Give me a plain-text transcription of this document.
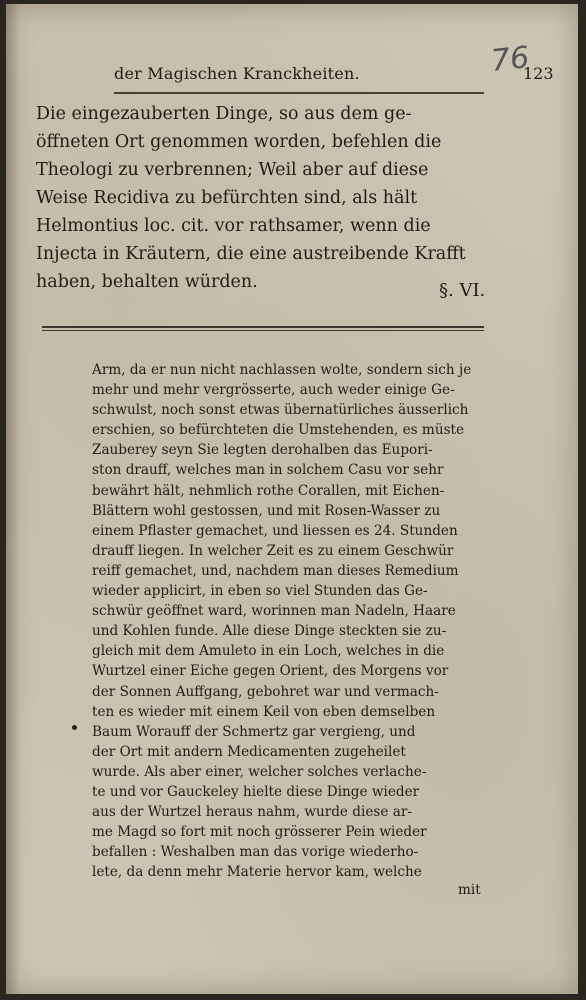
der Magischen Kranckheiten.	123
76
Die eingezauberten Dinge, so aus dem ge-
öffneten Ort genommen worden, befehlen die
Theologi zu verbrennen; Weil aber auf diese
Weise Recidiva zu befürchten sind, als hält
Helmontius loc. cit. vor rathsamer, wenn die
Injecta in Kräutern, die eine austreibende Krafft
haben, behalten würden.	§. VI.
Arm, da er nun nicht nachlassen wolte, sondern sich je
mehr und mehr vergrösserte, auch weder einige Ge-
schwulst, noch sonst etwas übernatürliches äusserlich
erschien, so befürchteten die Umstehenden, es müste
Zauberey seyn Sie legten derohalben das Eupori-
ston drauff, welches man in solchem Casu vor sehr
bewährt hält, nehmlich rothe Corallen, mit Eichen-
Blättern wohl gestossen, und mit Rosen-Wasser zu
einem Pflaster gemachet, und liessen es 24. Stunden
drauff liegen. In welcher Zeit es zu einem Geschwür
reiff gemachet, und, nachdem man dieses Remedium
wieder applicirt, in eben so viel Stunden das Ge-
schwür geöffnet ward, worinnen man Nadeln, Haare
und Kohlen funde. Alle diese Dinge steckten sie zu-
gleich mit dem Amuleto in ein Loch, welches in die
Wurtzel einer Eiche gegen Orient, des Morgens vor
der Sonnen Auffgang, gebohret war und vermach-
ten es wieder mit einem Keil von eben demselben
Baum Worauff der Schmertz gar vergieng, und
der Ort mit andern Medicamenten zugeheilet
wurde. Als aber einer, welcher solches verlache-
te und vor Gauckeley hielte diese Dinge wieder
aus der Wurtzel heraus nahm, wurde diese ar-
me Magd so fort mit noch grösserer Pein wieder
befallen : Weshalben man das vorige wiederho-
lete, da denn mehr Materie hervor kam, welche
mit
